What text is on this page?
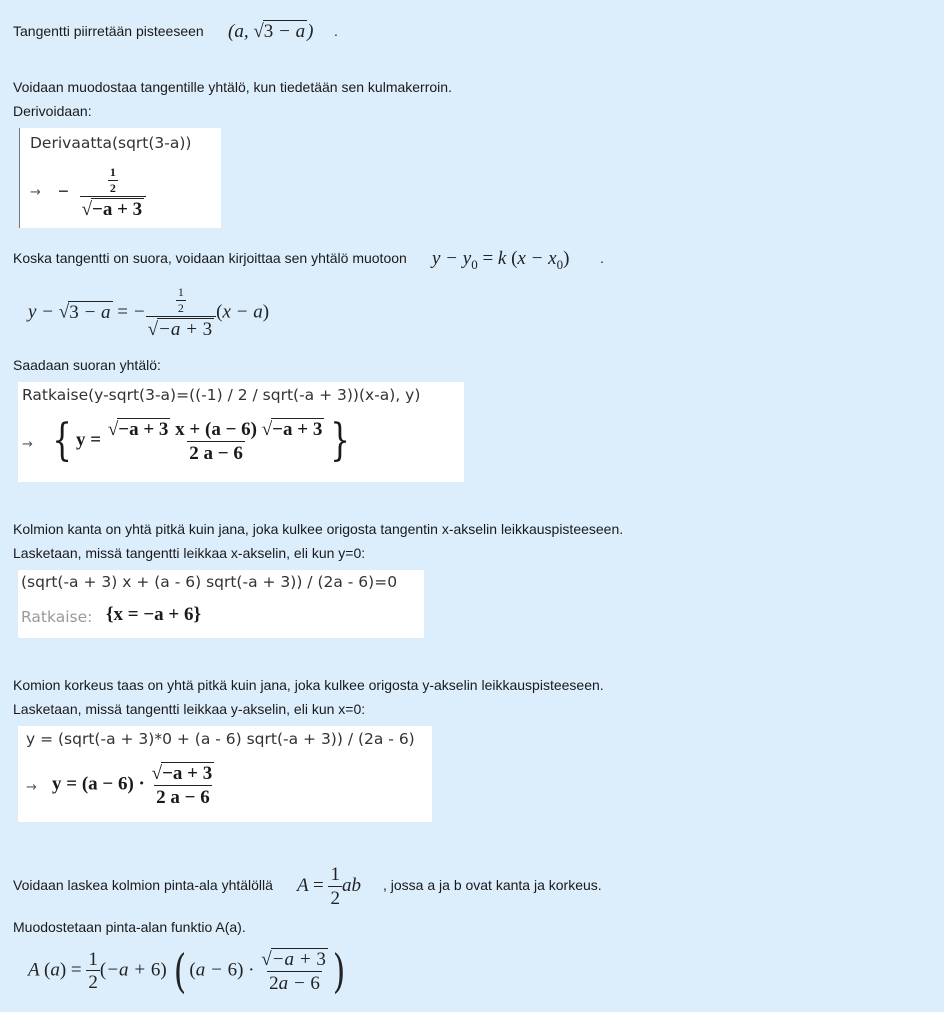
Tangentti piirretään pisteeseen (a, √3 − a ) .
Voidaan muodostaa tangentille yhtälö, kun tiedetään sen kulmakerroin.
Derivoidaan:
Derivaatta(sqrt(3-a))
→ − $\frac{\frac{1}{2}}{√-a + 3}$
Koska tangentti on suora, voidaan kirjoittaa sen yhtälö muotoon $y - y_0 = k$ $(x - x_0)$ .
y − √3 − a = − $\frac{\frac{1}{2}}{√-a + 3} (x - a)$
Saadaan suoran yhtälö:
Ratkaise(y-sqrt(3-a)=((-1) / 2 / sqrt(-a + 3))(x-a), y)
→ { $y = \frac{√-a + 3 x + (a - 6) √-a + 3}{2 a - 6}$ }
Kolmion kanta on yhtä pitkä kuin jana, joka kulkee origosta tangentin x-akselin leikkauspisteeseen.
Lasketaan, missä tangentti leikkaa x-akselin, eli kun y=0:
(sqrt(-a + 3) x + (a - 6) sqrt(-a + 3)) / (2a - 6)=0
Ratkaise: {x = −a + 6}
Komion korkeus taas on yhtä pitkä kuin jana, joka kulkee origosta y-akselin leikkauspisteeseen.
Lasketaan, missä tangentti leikkaa y-akselin, eli kun x=0:
y = (sqrt(-a + 3)*0 + (a - 6) sqrt(-a + 3)) / (2a - 6)
→ $y = (a - 6) \cdot \frac{√-a + 3}{2 a - 6}$
Voidaan laskea kolmion pinta-ala yhtälöllä $A = \frac{1}{2}$ ab , jossa a ja b ovat kanta ja korkeus.
Muodostetaan pinta-alan funktio A(a).
A $(a) = \frac{1}{2} (-a + 6)$ ( $(a - 6) \cdot \frac{√-a + 3}{2a - 6}$ )
